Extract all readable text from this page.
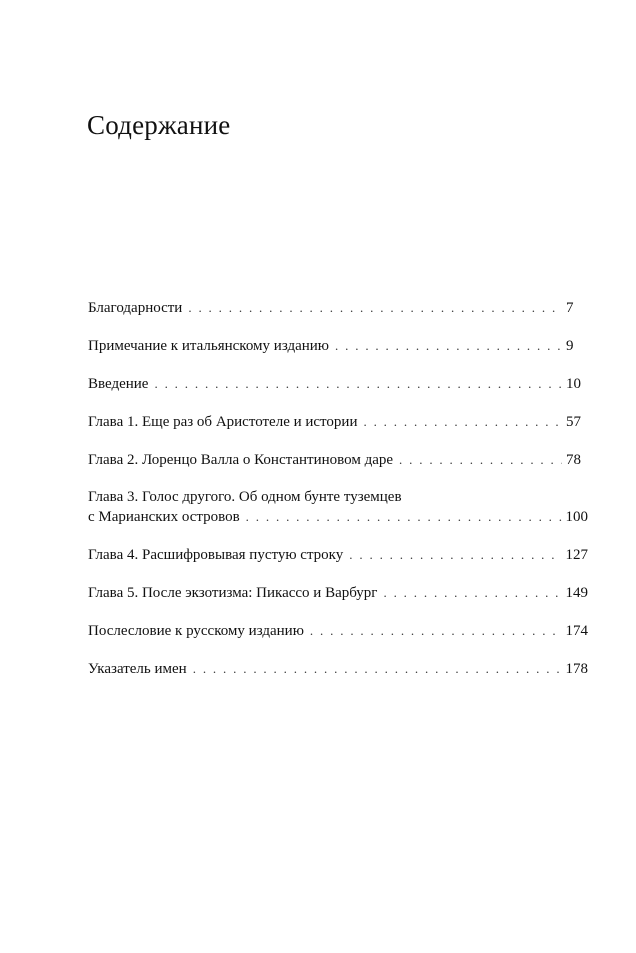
Содержание
Благодарности . . .	7
Примечание к итальянскому изданию . . .	9
Введение . . .	10
Глава 1. Еще раз об Аристотеле и истории . . .	57
Глава 2. Лоренцо Валла о Константиновом даре . . .	78
Глава 3. Голос другого. Об одном бунте туземцев
с Марианских островов . . .	100
Глава 4. Расшифровывая пустую строку . . .	127
Глава 5. После экзотизма: Пикассо и Варбург . . .	149
Послесловие к русскому изданию . . .	174
Указатель имен . . .	178
